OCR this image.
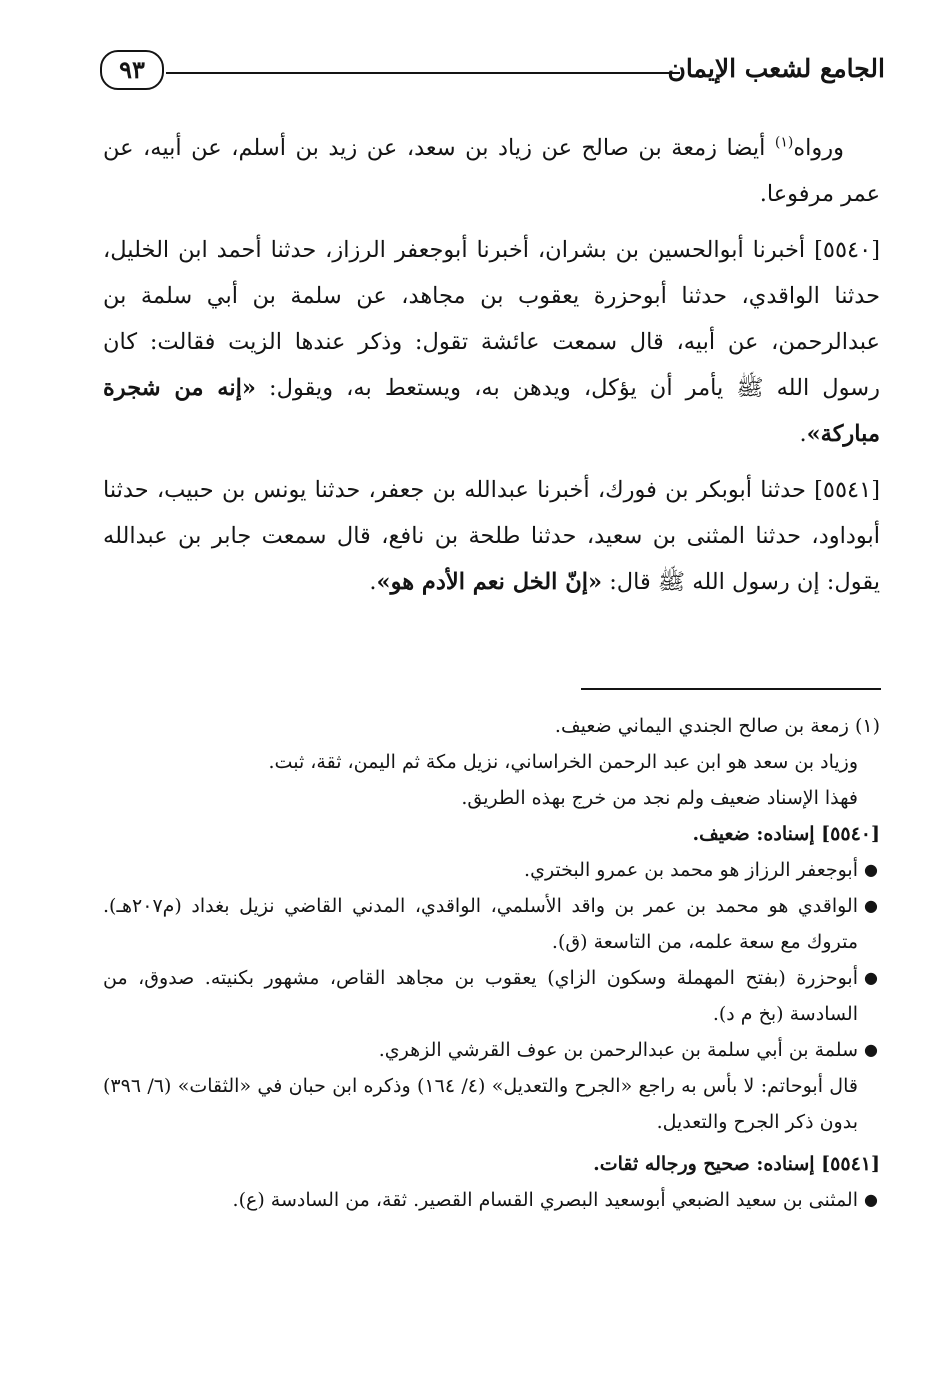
الجامع لشعب الإيمان
٩٣

ورواه$^{(١)}$ أيضا زمعة بن صالح عن زياد بن سعد، عن زيد بن أسلم، عن أبيه، عن عمر مرفوعا.

[٥٥٤٠] أخبرنا أبوالحسين بن بشران، أخبرنا أبوجعفر الرزاز، حدثنا أحمد ابن الخليل، حدثنا الواقدي، حدثنا أبوحزرة يعقوب بن مجاهد، عن سلمة بن أبي سلمة بن عبدالرحمن، عن أبيه، قال سمعت عائشة تقول: وذكر عندها الزيت فقالت: كان رسول الله ﷺ يأمر أن يؤكل، ويدهن به، ويستعط به، ويقول: «إنه من شجرة مباركة».

[٥٥٤١] حدثنا أبوبكر بن فورك، أخبرنا عبدالله بن جعفر، حدثنا يونس بن حبيب، حدثنا أبوداود، حدثنا المثنى بن سعيد، حدثنا طلحة بن نافع، قال سمعت جابر بن عبدالله يقول: إن رسول الله ﷺ قال: «إنّ الخل نعم الأدم هو».

(١) زمعة بن صالح الجندي اليماني ضعيف.

وزياد بن سعد هو ابن عبد الرحمن الخراساني، نزيل مكة ثم اليمن، ثقة، ثبت.

فهذا الإسناد ضعيف ولم نجد من خرج بهذه الطريق.

[٥٥٤٠] إسناده: ضعيف.

●
أبوجعفر الرزاز هو محمد بن عمرو البختري.
●
الواقدي هو محمد بن عمر بن واقد الأسلمي، الواقدي، المدني القاضي نزيل بغداد (م٢٠٧هـ). متروك مع سعة علمه، من التاسعة (ق).
●
أبوحزرة (بفتح المهملة وسكون الزاي) يعقوب بن مجاهد القاص، مشهور بكنيته. صدوق، من السادسة (بخ م د).
●
سلمة بن أبي سلمة بن عبدالرحمن بن عوف القرشي الزهري.

قال أبوحاتم: لا بأس به راجع «الجرح والتعديل» (٤/ ١٦٤) وذكره ابن حبان في «الثقات» (٦/ ٣٩٦) بدون ذكر الجرح والتعديل.

[٥٥٤١] إسناده: صحيح ورجاله ثقات.

●
المثنى بن سعيد الضبعي أبوسعيد البصري القسام القصير. ثقة، من السادسة (ع).
